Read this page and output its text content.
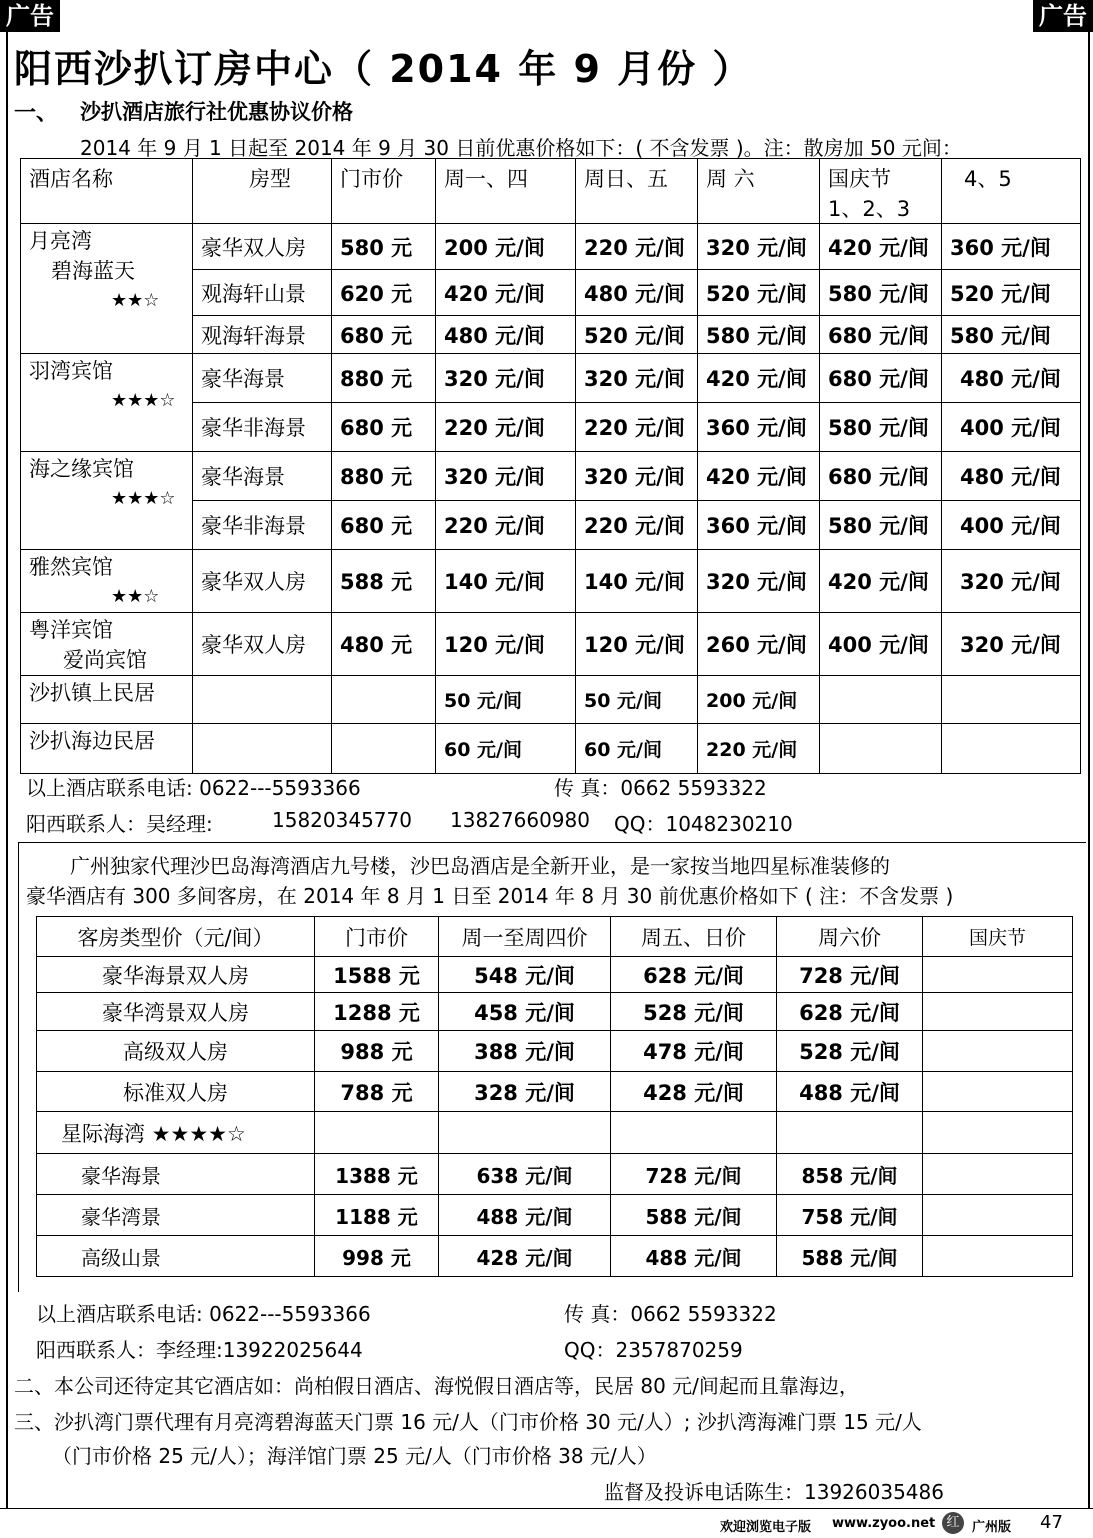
广告	广告
阳西沙扒订房中心（ 2014 年 9 月份 ）
一、 沙扒酒店旅行社优惠协议价格
2014 年 9 月 1 日起至 2014 年 9 月 30 日前优惠价格如下：( 不含发票 )。注：散房加 50 元间：
酒店名称	房型	门市价	周一、四	周日、五	周 六	国庆节
1、2、3	4、5

月亮湾
碧海蓝天
★★☆	豪华双人房	580 元	200 元/间	220 元/间	320 元/间	420 元/间	360 元/间
	观海轩山景	620 元	420 元/间	480 元/间	520 元/间	580 元/间	520 元/间
	观海轩海景	680 元	480 元/间	520 元/间	580 元/间	680 元/间	580 元/间

羽湾宾馆
★★★☆	豪华海景	880 元	320 元/间	320 元/间	420 元/间	680 元/间	480 元/间
	豪华非海景	680 元	220 元/间	220 元/间	360 元/间	580 元/间	400 元/间

海之缘宾馆
★★★☆	豪华海景	880 元	320 元/间	320 元/间	420 元/间	680 元/间	480 元/间
	豪华非海景	680 元	220 元/间	220 元/间	360 元/间	580 元/间	400 元/间

雅然宾馆
★★☆	豪华双人房	588 元	140 元/间	140 元/间	320 元/间	420 元/间	320 元/间

粤洋宾馆
爱尚宾馆	豪华双人房	480 元	120 元/间	120 元/间	260 元/间	400 元/间	320 元/间

沙扒镇上民居			50 元/间	50 元/间	200 元/间		

沙扒海边民居			60 元/间	60 元/间	220 元/间		
以上酒店联系电话: 0622---5593366	传 真：0662 5593322
阳西联系人：吴经理:	15820345770 13827660980 QQ：1048230210
广州独家代理沙巴岛海湾酒店九号楼，沙巴岛酒店是全新开业，是一家按当地四星标准装修的
豪华酒店有 300 多间客房，在 2014 年 8 月 1 日至 2014 年 8 月 30 前优惠价格如下 ( 注：不含发票 )
客房类型价（元/间）	门市价	周一至周四价	周五、日价	周六价	国庆节
豪华海景双人房	1588 元	548 元/间	628 元/间	728 元/间	
豪华湾景双人房	1288 元	458 元/间	528 元/间	628 元/间	
高级双人房	988 元	388 元/间	478 元/间	528 元/间	
标准双人房	788 元	328 元/间	428 元/间	488 元/间	
星际海湾 ★★★★☆					
豪华海景	1388 元	638 元/间	728 元/间	858 元/间	
豪华湾景	1188 元	488 元/间	588 元/间	758 元/间	
高级山景	998 元	428 元/间	488 元/间	588 元/间	
以上酒店联系电话: 0622---5593366	传 真：0662 5593322
阳西联系人：李经理:13922025644	QQ：2357870259
二、本公司还待定其它酒店如：尚柏假日酒店、海悦假日酒店等，民居 80 元/间起而且靠海边，
三、沙扒湾门票代理有月亮湾碧海蓝天门票 16 元/人（门市价格 30 元/人）; 沙扒湾海滩门票 15 元/人
（门市价格 25 元/人）；海洋馆门票 25 元/人（门市价格 38 元/人）
监督及投诉电话陈生：13926035486
欢迎浏览电子版 www.zyoo.net 红 广州版 47
